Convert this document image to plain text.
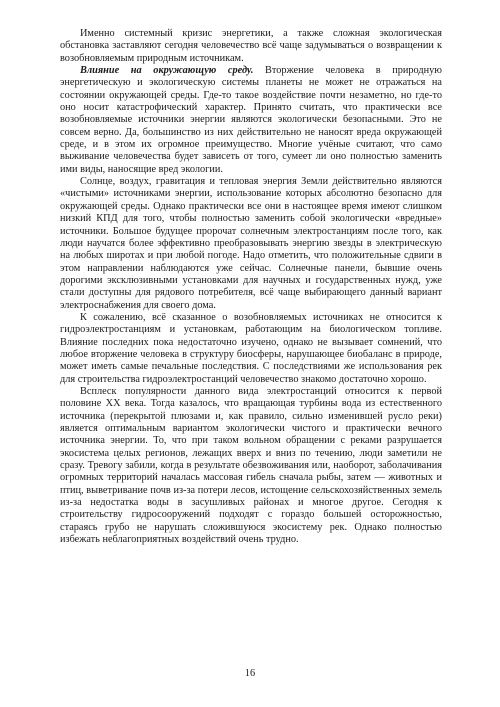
Именно системный кризис энергетики, а также сложная экологическая обстановка заставляют сегодня человечество всё чаще задумываться о возвращении к возобновляемым природным источникам.

Влияние на окружающую среду. Вторжение человека в природную энергетическую и экологическую системы планеты не может не отражаться на состоянии окружающей среды. Где-то такое воздействие почти незаметно, но где-то оно носит катастрофический характер. Принято считать, что практически все возобновляемые источники энергии являются экологически безопасными. Это не совсем верно. Да, большинство из них действительно не наносят вреда окружающей среде, и в этом их огромное преимущество. Многие учёные считают, что само выживание человечества будет зависеть от того, сумеет ли оно полностью заменить ими виды, наносящие вред экологии.

Солнце, воздух, гравитация и тепловая энергия Земли действительно являются «чистыми» источниками энергии, использование которых абсолютно безопасно для окружающей среды. Однако практически все они в настоящее время имеют слишком низкий КПД для того, чтобы полностью заменить собой экологически «вредные» источники. Большое будущее пророчат солнечным электростанциям после того, как люди научатся более эффективно преобразовывать энергию звезды в электрическую на любых широтах и при любой погоде. Надо отметить, что положительные сдвиги в этом направлении наблюдаются уже сейчас. Солнечные панели, бывшие очень дорогими эксклюзивными установками для научных и государственных нужд, уже стали доступны для рядового потребителя, всё чаще выбирающего данный вариант электроснабжения для своего дома.

К сожалению, всё сказанное о возобновляемых источниках не относится к гидроэлектростанциям и установкам, работающим на биологическом топливе. Влияние последних пока недостаточно изучено, однако не вызывает сомнений, что любое вторжение человека в структуру биосферы, нарушающее биобаланс в природе, может иметь самые печальные последствия. С последствиями же использования рек для строительства гидроэлектростанций человечество знакомо достаточно хорошо.

Всплеск популярности данного вида электростанций относится к первой половине XX века. Тогда казалось, что вращающая турбины вода из естественного источника (перекрытой плюзами и, как правило, сильно изменившей русло реки) является оптимальным вариантом экологически чистого и практически вечного источника энергии. То, что при таком вольном обращении с реками разрушается экосистема целых регионов, лежащих вверх и вниз по течению, люди заметили не сразу. Тревогу забили, когда в результате обезвоживания или, наоборот, заболачивания огромных территорий началась массовая гибель сначала рыбы, затем — животных и птиц, выветривание почв из-за потери лесов, истощение сельскохозяйственных земель из-за недостатка воды в засушливых районах и многое другое. Сегодня к строительству гидросооружений подходят с гораздо большей осторожностью, стараясь грубо не нарушать сложившуюся экосистему рек. Однако полностью избежать неблагоприятных воздействий очень трудно.

16
